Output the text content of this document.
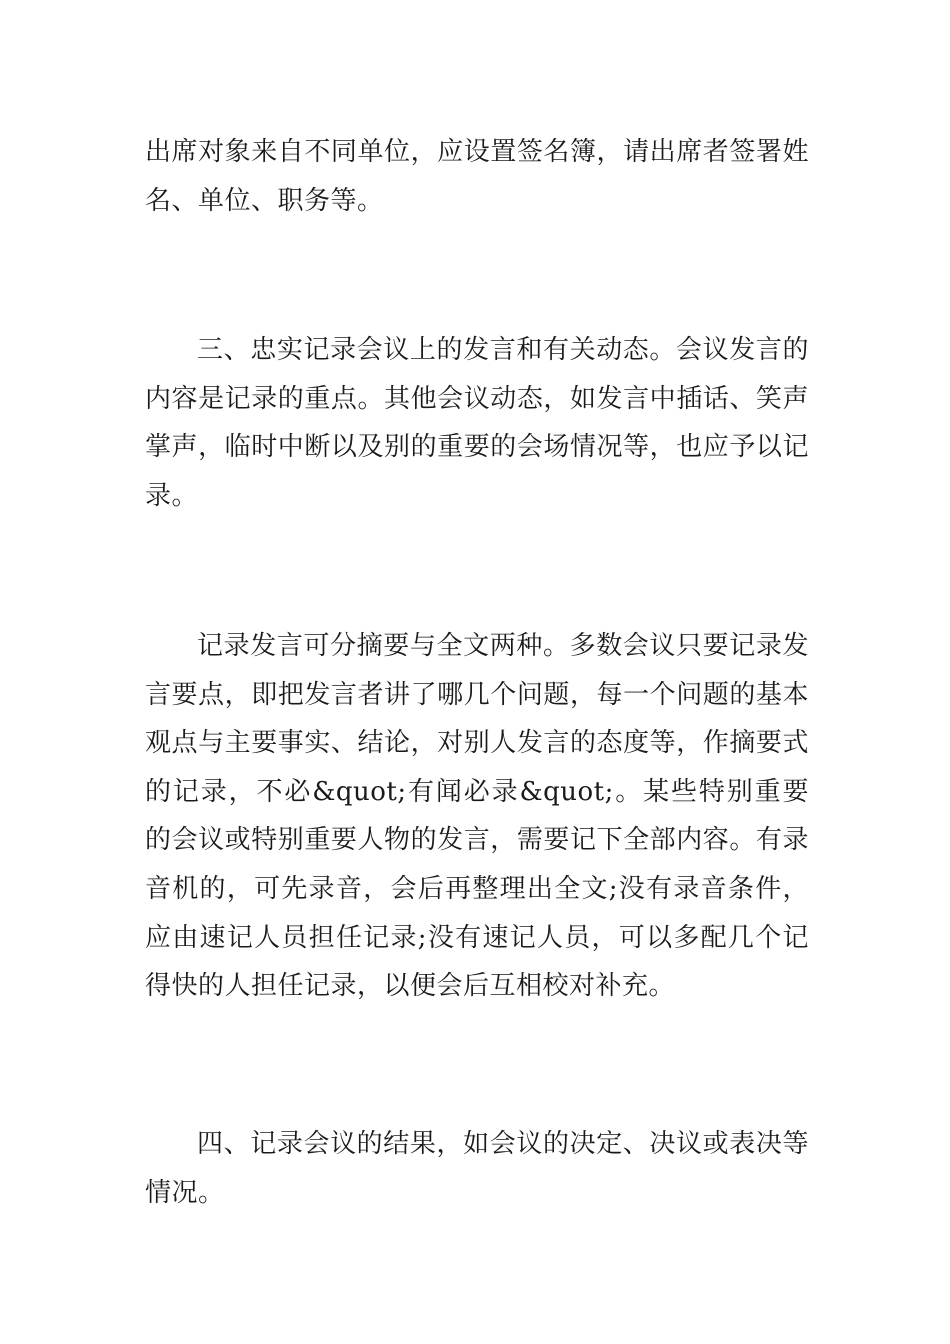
出席对象来自不同单位，应设置签名簿，请出席者签署姓名、单位、职务等。

三、忠实记录会议上的发言和有关动态。会议发言的内容是记录的重点。其他会议动态，如发言中插话、笑声掌声，临时中断以及别的重要的会场情况等，也应予以记录。

记录发言可分摘要与全文两种。多数会议只要记录发言要点，即把发言者讲了哪几个问题，每一个问题的基本观点与主要事实、结论，对别人发言的态度等，作摘要式的记录，不必&quot;有闻必录&quot;。某些特别重要的会议或特别重要人物的发言，需要记下全部内容。有录音机的，可先录音，会后再整理出全文;没有录音条件，应由速记人员担任记录;没有速记人员，可以多配几个记得快的人担任记录，以便会后互相校对补充。

四、记录会议的结果，如会议的决定、决议或表决等情况。
